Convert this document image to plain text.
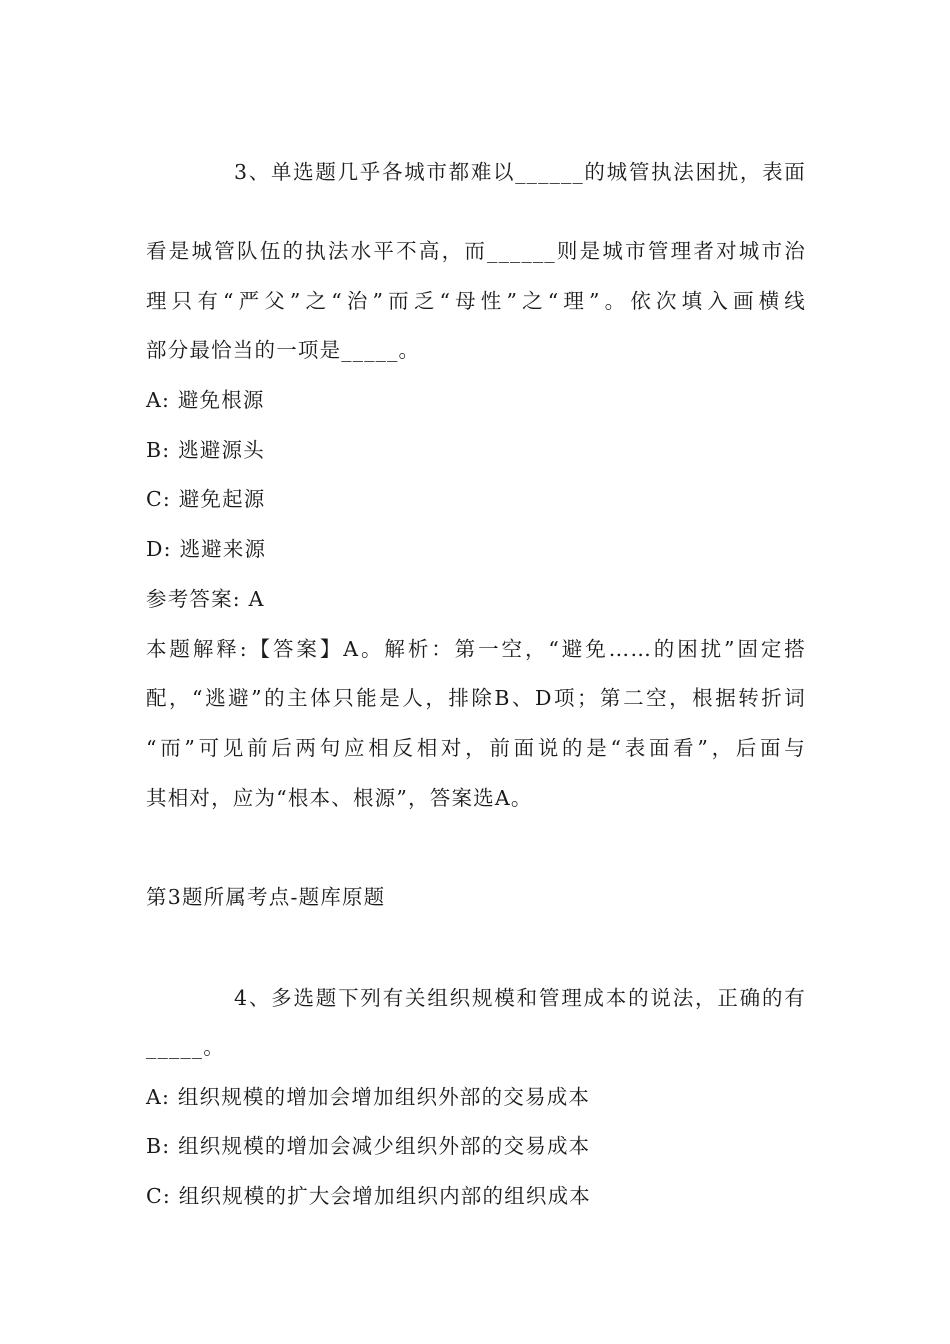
3、单选题几乎各城市都难以______的城管执法困扰，表面
看是城管队伍的执法水平不高，而______则是城市管理者对城市治
理只有“严父”之“治”而乏“母性”之“理”。依次填入画横线
部分最恰当的一项是_____。
A: 避免根源
B: 逃避源头
C: 避免起源
D: 逃避来源
参考答案: A
本题解释:【答案】A。解析：第一空，“避免……的困扰”固定搭
配，“逃避”的主体只能是人，排除B、D项；第二空，根据转折词
“而”可见前后两句应相反相对，前面说的是“表面看”，后面与
其相对，应为“根本、根源”，答案选A。
第3题所属考点-题库原题
4、多选题下列有关组织规模和管理成本的说法，正确的有
_____。
A: 组织规模的增加会增加组织外部的交易成本
B: 组织规模的增加会减少组织外部的交易成本
C: 组织规模的扩大会增加组织内部的组织成本
